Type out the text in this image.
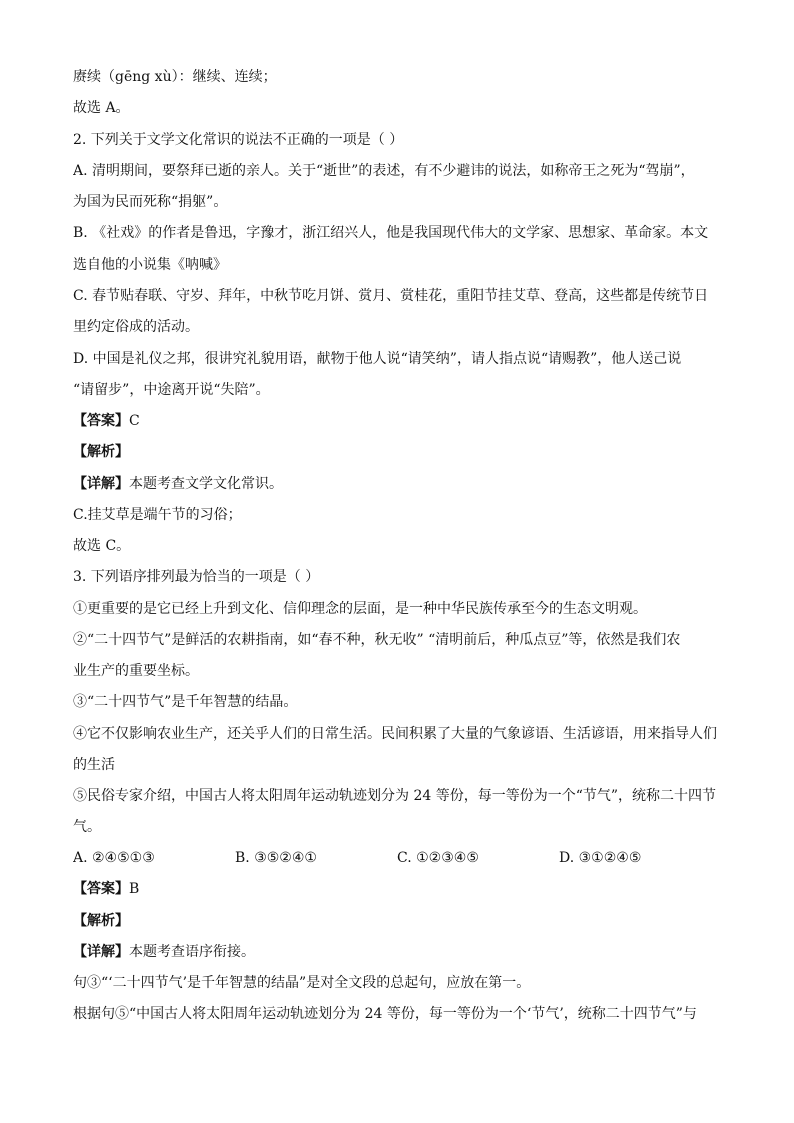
赓续（gēng xù）：继续、连续；
故选 A。
2. 下列关于文学文化常识的说法不正确的一项是（ ）
A. 清明期间，要祭拜已逝的亲人。关于“逝世”的表述，有不少避讳的说法，如称帝王之死为“驾崩”，
为国为民而死称“捐躯”。
B. 《社戏》的作者是鲁迅，字豫才，浙江绍兴人，他是我国现代伟大的文学家、思想家、革命家。本文
选自他的小说集《呐喊》
C. 春节贴春联、守岁、拜年，中秋节吃月饼、赏月、赏桂花，重阳节挂艾草、登高，这些都是传统节日
里约定俗成的活动。
D. 中国是礼仪之邦，很讲究礼貌用语，献物于他人说“请笑纳”，请人指点说“请赐教”，他人送己说
“请留步”，中途离开说“失陪”。
【答案】C
【解析】
【详解】本题考查文学文化常识。
C.挂艾草是端午节的习俗；
故选 C。
3. 下列语序排列最为恰当的一项是（ ）
①更重要的是它已经上升到文化、信仰理念的层面，是一种中华民族传承至今的生态文明观。
②“二十四节气”是鲜活的农耕指南，如“春不种，秋无收” “清明前后，种瓜点豆”等，依然是我们农
业生产的重要坐标。
③“二十四节气”是千年智慧的结晶。
④它不仅影响农业生产，还关乎人们的日常生活。民间积累了大量的气象谚语、生活谚语，用来指导人们
的生活
⑤民俗专家介绍，中国古人将太阳周年运动轨迹划分为 24 等份，每一等份为一个“节气”，统称二十四节
气。
A. ②④⑤①③	B. ③⑤②④①	C. ①②③④⑤	D. ③①②④⑤
【答案】B
【解析】
【详解】本题考查语序衔接。
句③“‘二十四节气’是千年智慧的结晶”是对全文段的总起句，应放在第一。
根据句⑤“中国古人将太阳周年运动轨迹划分为 24 等份，每一等份为一个‘节气’，统称二十四节气”与
